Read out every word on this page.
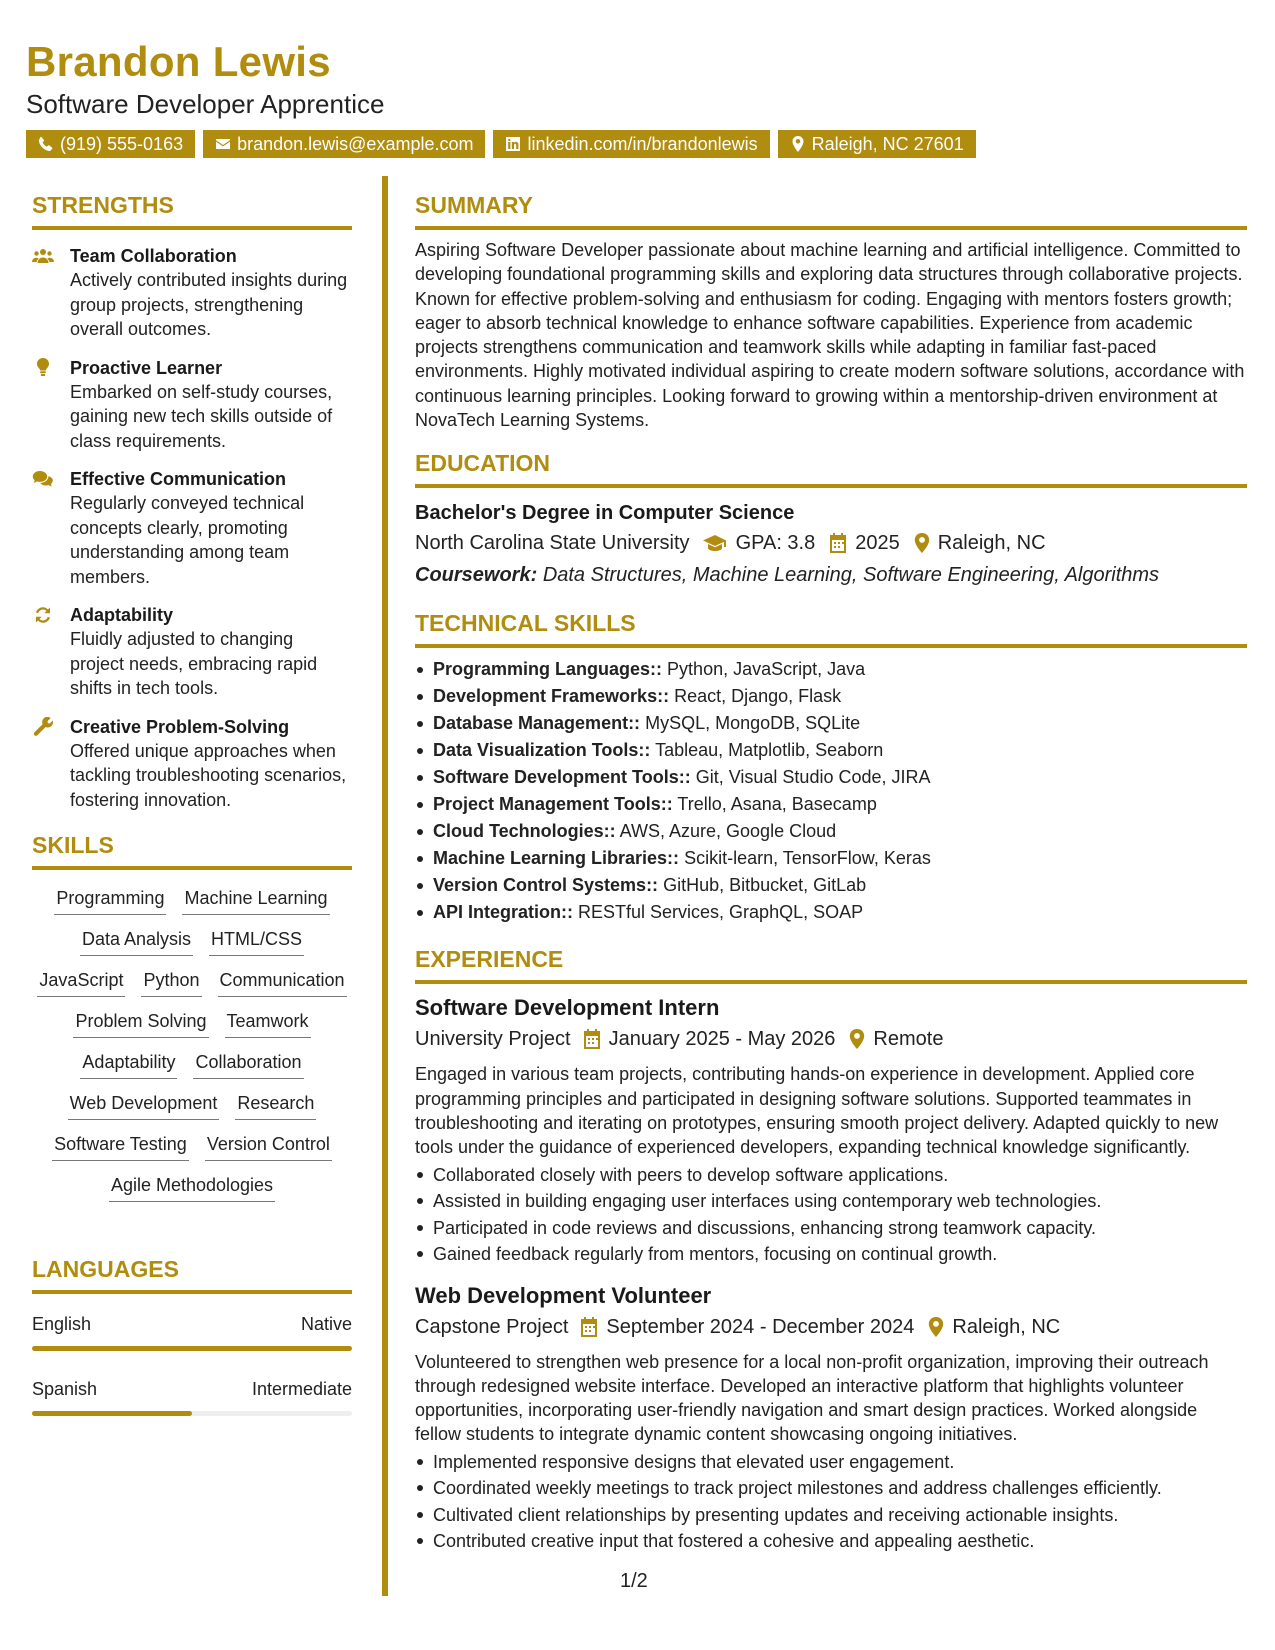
Brandon Lewis
Software Developer Apprentice
(919) 555-0163	brandon.lewis@example.com	linkedin.com/in/brandonlewis	Raleigh, NC 27601
STRENGTHS
Team Collaboration
Actively contributed insights during group projects, strengthening overall outcomes.
Proactive Learner
Embarked on self-study courses, gaining new tech skills outside of class requirements.
Effective Communication
Regularly conveyed technical concepts clearly, promoting understanding among team members.
Adaptability
Fluidly adjusted to changing project needs, embracing rapid shifts in tech tools.
Creative Problem-Solving
Offered unique approaches when tackling troubleshooting scenarios, fostering innovation.
SKILLS
Programming Machine Learning
Data Analysis HTML/CSS
JavaScript Python Communication
Problem Solving Teamwork
Adaptability Collaboration
Web Development Research
Software Testing Version Control
Agile Methodologies
LANGUAGES
English	Native
Spanish	Intermediate
SUMMARY
Aspiring Software Developer passionate about machine learning and artificial intelligence. Committed to developing foundational programming skills and exploring data structures through collaborative projects. Known for effective problem-solving and enthusiasm for coding. Engaging with mentors fosters growth; eager to absorb technical knowledge to enhance software capabilities. Experience from academic projects strengthens communication and teamwork skills while adapting in familiar fast-paced environments. Highly motivated individual aspiring to create modern software solutions, accordance with continuous learning principles. Looking forward to growing within a mentorship-driven environment at NovaTech Learning Systems.
EDUCATION
Bachelor's Degree in Computer Science
North Carolina State University GPA: 3.8 2025 Raleigh, NC
Coursework: Data Structures, Machine Learning, Software Engineering, Algorithms
TECHNICAL SKILLS
Programming Languages:: Python, JavaScript, Java
Development Frameworks:: React, Django, Flask
Database Management:: MySQL, MongoDB, SQLite
Data Visualization Tools:: Tableau, Matplotlib, Seaborn
Software Development Tools:: Git, Visual Studio Code, JIRA
Project Management Tools:: Trello, Asana, Basecamp
Cloud Technologies:: AWS, Azure, Google Cloud
Machine Learning Libraries:: Scikit-learn, TensorFlow, Keras
Version Control Systems:: GitHub, Bitbucket, GitLab
API Integration:: RESTful Services, GraphQL, SOAP
EXPERIENCE
Software Development Intern
University Project January 2025 - May 2026 Remote
Engaged in various team projects, contributing hands-on experience in development. Applied core programming principles and participated in designing software solutions. Supported teammates in troubleshooting and iterating on prototypes, ensuring smooth project delivery. Adapted quickly to new tools under the guidance of experienced developers, expanding technical knowledge significantly.
Collaborated closely with peers to develop software applications.
Assisted in building engaging user interfaces using contemporary web technologies.
Participated in code reviews and discussions, enhancing strong teamwork capacity.
Gained feedback regularly from mentors, focusing on continual growth.
Web Development Volunteer
Capstone Project September 2024 - December 2024 Raleigh, NC
Volunteered to strengthen web presence for a local non-profit organization, improving their outreach through redesigned website interface. Developed an interactive platform that highlights volunteer opportunities, incorporating user-friendly navigation and smart design practices. Worked alongside fellow students to integrate dynamic content showcasing ongoing initiatives.
Implemented responsive designs that elevated user engagement.
Coordinated weekly meetings to track project milestones and address challenges efficiently.
Cultivated client relationships by presenting updates and receiving actionable insights.
Contributed creative input that fostered a cohesive and appealing aesthetic.
1/2
